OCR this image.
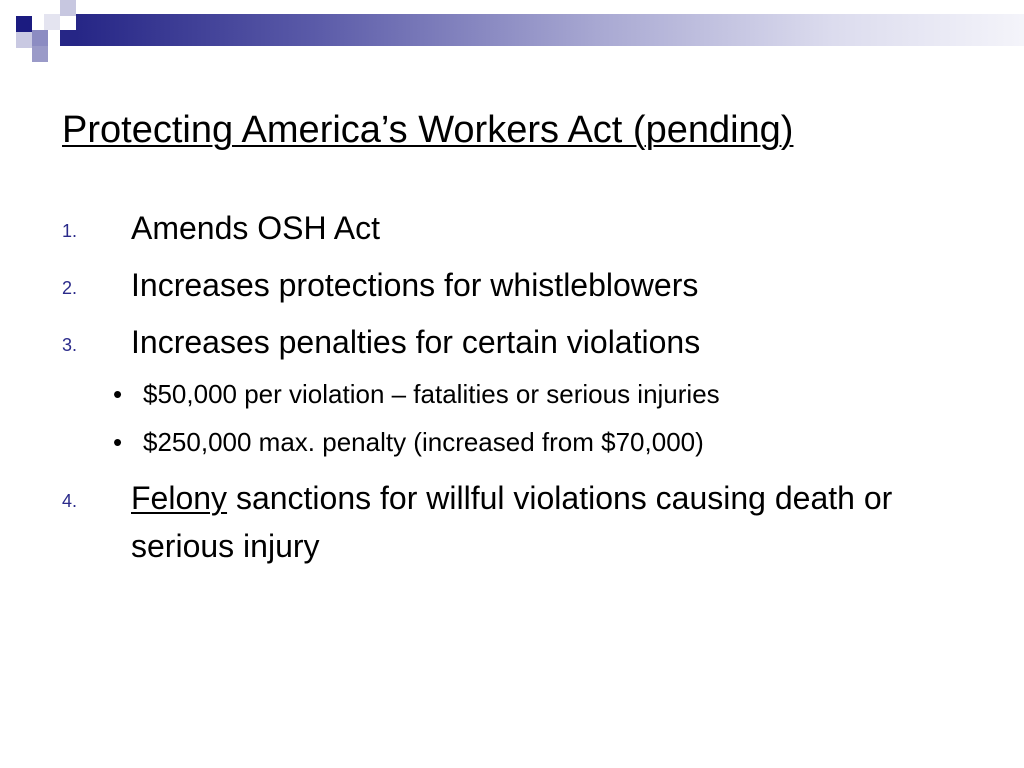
Protecting America’s Workers Act (pending)
1. Amends OSH Act
2. Increases protections for whistleblowers
3. Increases penalties for certain violations
• $50,000 per violation – fatalities or serious injuries
• $250,000 max. penalty (increased from $70,000)
4. Felony sanctions for willful violations causing death or serious injury
